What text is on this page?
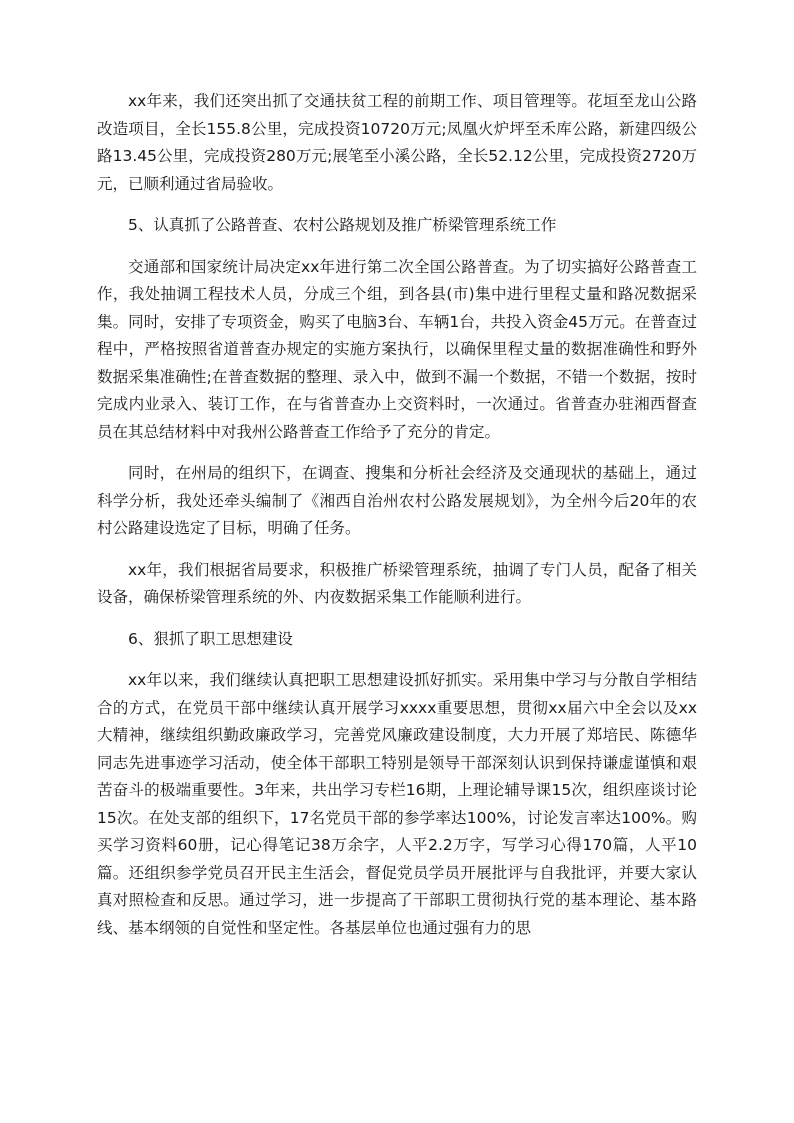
xx年来，我们还突出抓了交通扶贫工程的前期工作、项目管理等。花垣至龙山公路改造项目，全长155.8公里，完成投资10720万元;凤凰火炉坪至禾库公路，新建四级公路13.45公里，完成投资280万元;展笔至小溪公路，全长52.12公里，完成投资2720万元，已顺利通过省局验收。

5、认真抓了公路普查、农村公路规划及推广桥梁管理系统工作

交通部和国家统计局决定xx年进行第二次全国公路普查。为了切实搞好公路普查工作，我处抽调工程技术人员，分成三个组，到各县(市)集中进行里程丈量和路况数据采集。同时，安排了专项资金，购买了电脑3台、车辆1台，共投入资金45万元。在普查过程中，严格按照省道普查办规定的实施方案执行，以确保里程丈量的数据准确性和野外数据采集准确性;在普查数据的整理、录入中，做到不漏一个数据，不错一个数据，按时完成内业录入、装订工作，在与省普查办上交资料时，一次通过。省普查办驻湘西督查员在其总结材料中对我州公路普查工作给予了充分的肯定。

同时，在州局的组织下，在调查、搜集和分析社会经济及交通现状的基础上，通过科学分析，我处还牵头编制了《湘西自治州农村公路发展规划》，为全州今后20年的农村公路建设选定了目标，明确了任务。

xx年，我们根据省局要求，积极推广桥梁管理系统，抽调了专门人员，配备了相关设备，确保桥梁管理系统的外、内夜数据采集工作能顺利进行。

6、狠抓了职工思想建设

xx年以来，我们继续认真把职工思想建设抓好抓实。采用集中学习与分散自学相结合的方式，在党员干部中继续认真开展学习xxxx重要思想，贯彻xx届六中全会以及xx大精神，继续组织勤政廉政学习，完善党风廉政建设制度，大力开展了郑培民、陈德华同志先进事迹学习活动，使全体干部职工特别是领导干部深刻认识到保持谦虚谨慎和艰苦奋斗的极端重要性。3年来，共出学习专栏16期，上理论辅导课15次，组织座谈讨论15次。在处支部的组织下，17名党员干部的参学率达100%，讨论发言率达100%。购买学习资料60册，记心得笔记38万余字，人平2.2万字，写学习心得170篇，人平10篇。还组织参学党员召开民主生活会，督促党员学员开展批评与自我批评，并要大家认真对照检查和反思。通过学习，进一步提高了干部职工贯彻执行党的基本理论、基本路线、基本纲领的自觉性和坚定性。各基层单位也通过强有力的思
